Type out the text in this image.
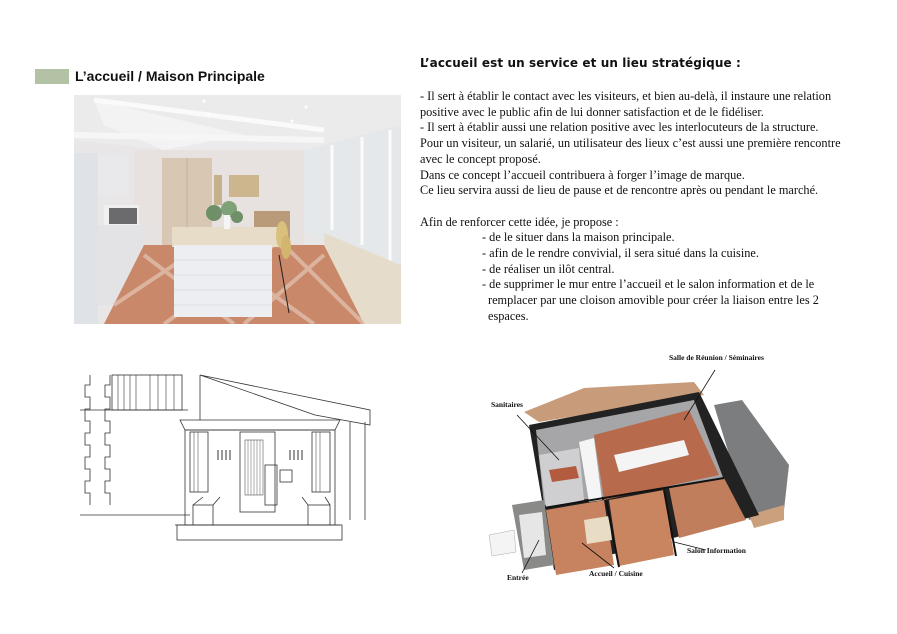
L’accueil / Maison Principale
Salle de Réunion / Séminaires
Sanitaires
Salon Information
Accueil / Cuisine
Entrée
L’accueil est un service et un lieu stratégique :

- Il sert à établir le contact avec les visiteurs, et bien au-delà, il instaure une relation

positive avec le public afin de lui donner satisfaction et de le fidéliser.

- Il sert à établir aussi une relation positive avec les interlocuteurs de la structure.

Pour un visiteur, un salarié, un utilisateur des lieux c’est aussi une première rencontre

avec le concept proposé.

Dans ce concept l’accueil contribuera à forger l’image de marque.

Ce lieu servira aussi de lieu de pause et de rencontre après ou pendant le marché.

Afin de renforcer cette idée, je propose :

- de le situer dans la maison principale.

- afin de le rendre convivial, il sera situé dans la cuisine.

- de réaliser un ilôt central.

- de supprimer le mur entre l’accueil et le salon information et de le

remplacer par une cloison amovible pour créer la liaison entre les 2

espaces.
